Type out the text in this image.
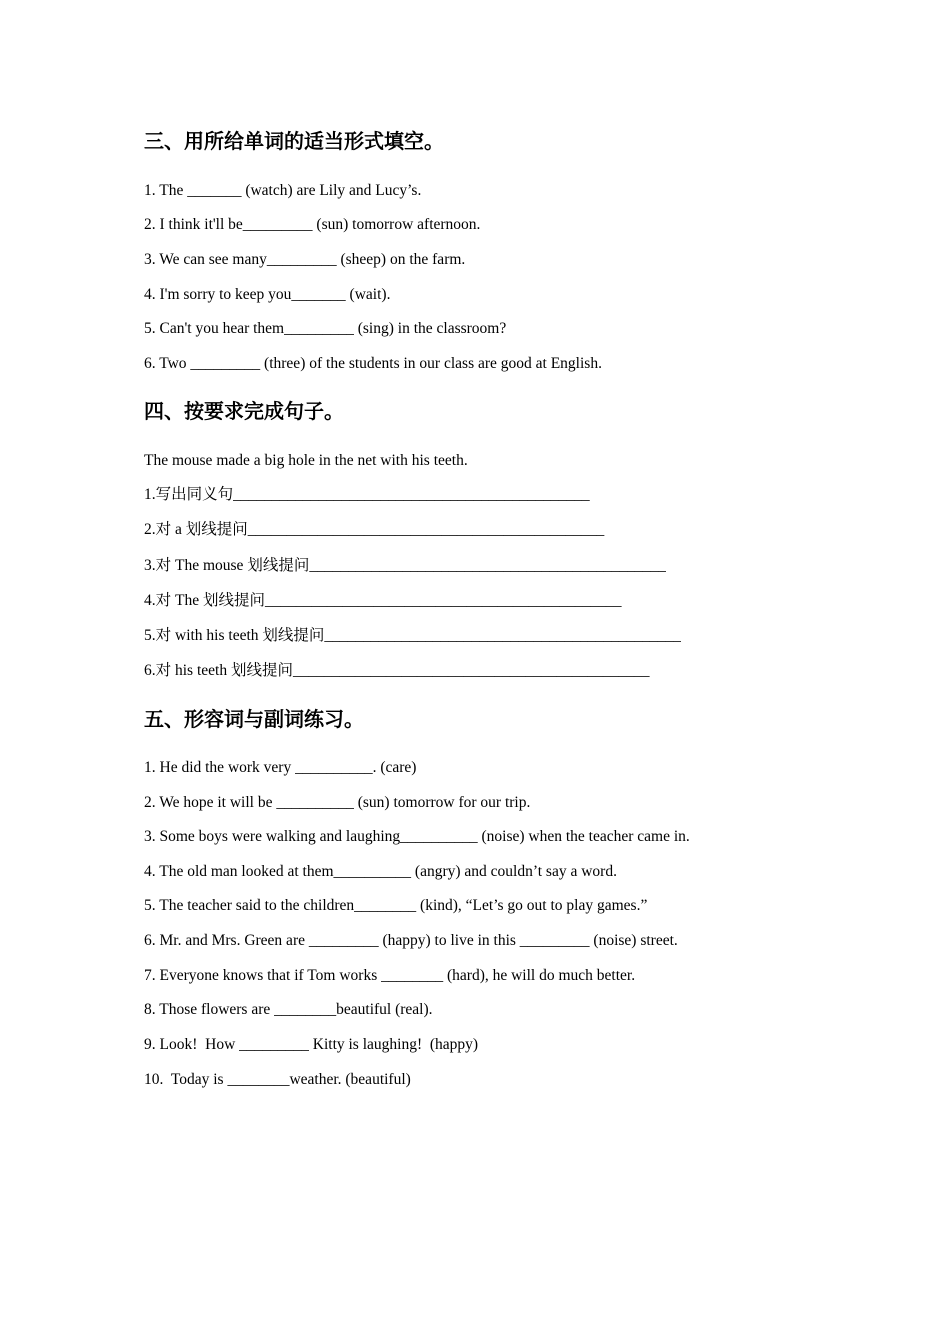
三、用所给单词的适当形式填空。
1. The _______ (watch) are Lily and Lucy’s.
2. I think it'll be_________ (sun) tomorrow afternoon.
3. We can see many_________ (sheep) on the farm.
4. I'm sorry to keep you_______ (wait).
5. Can't you hear them_________ (sing) in the classroom?
6. Two _________ (three) of the students in our class are good at English.
四、按要求完成句子。
The mouse made a big hole in the net with his teeth.
1.写出同义句______________________________________________
2.对 a 划线提问______________________________________________
3.对 The mouse 划线提问______________________________________________
4.对 The 划线提问______________________________________________
5.对 with his teeth 划线提问______________________________________________
6.对 his teeth 划线提问______________________________________________
五、形容词与副词练习。
1. He did the work very __________. (care)
2. We hope it will be __________ (sun) tomorrow for our trip.
3. Some boys were walking and laughing__________ (noise) when the teacher came in.
4. The old man looked at them__________ (angry) and couldn’t say a word.
5. The teacher said to the children________ (kind), “Let’s go out to play games.”
6. Mr. and Mrs. Green are _________ (happy) to live in this _________ (noise) street.
7. Everyone knows that if Tom works ________ (hard), he will do much better.
8. Those flowers are ________beautiful (real).
9. Look!  How _________ Kitty is laughing!  (happy)
10.  Today is ________weather. (beautiful)
